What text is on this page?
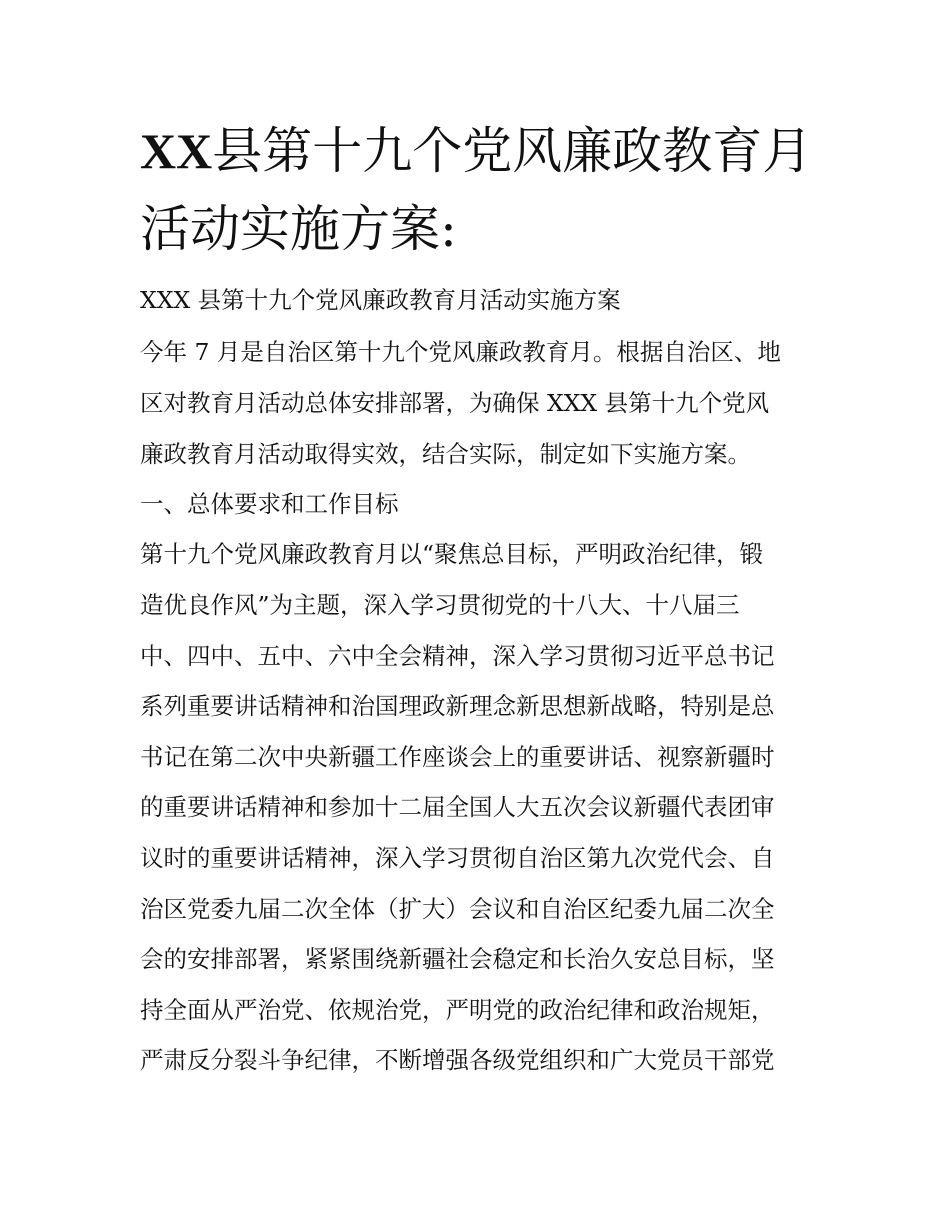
XX县第十九个党风廉政教育月
活动实施方案:

XXX 县第十九个党风廉政教育月活动实施方案

今年 7 月是自治区第十九个党风廉政教育月。根据自治区、地

区对教育月活动总体安排部署，为确保 XXX 县第十九个党风

廉政教育月活动取得实效，结合实际，制定如下实施方案。

一、总体要求和工作目标

第十九个党风廉政教育月以“聚焦总目标，严明政治纪律，锻

造优良作风”为主题，深入学习贯彻党的十八大、十八届三

中、四中、五中、六中全会精神，深入学习贯彻习近平总书记

系列重要讲话精神和治国理政新理念新思想新战略，特别是总

书记在第二次中央新疆工作座谈会上的重要讲话、视察新疆时

的重要讲话精神和参加十二届全国人大五次会议新疆代表团审

议时的重要讲话精神，深入学习贯彻自治区第九次党代会、自

治区党委九届二次全体（扩大）会议和自治区纪委九届二次全

会的安排部署，紧紧围绕新疆社会稳定和长治久安总目标，坚

持全面从严治党、依规治党，严明党的政治纪律和政治规矩，

严肃反分裂斗争纪律，不断增强各级党组织和广大党员干部党
